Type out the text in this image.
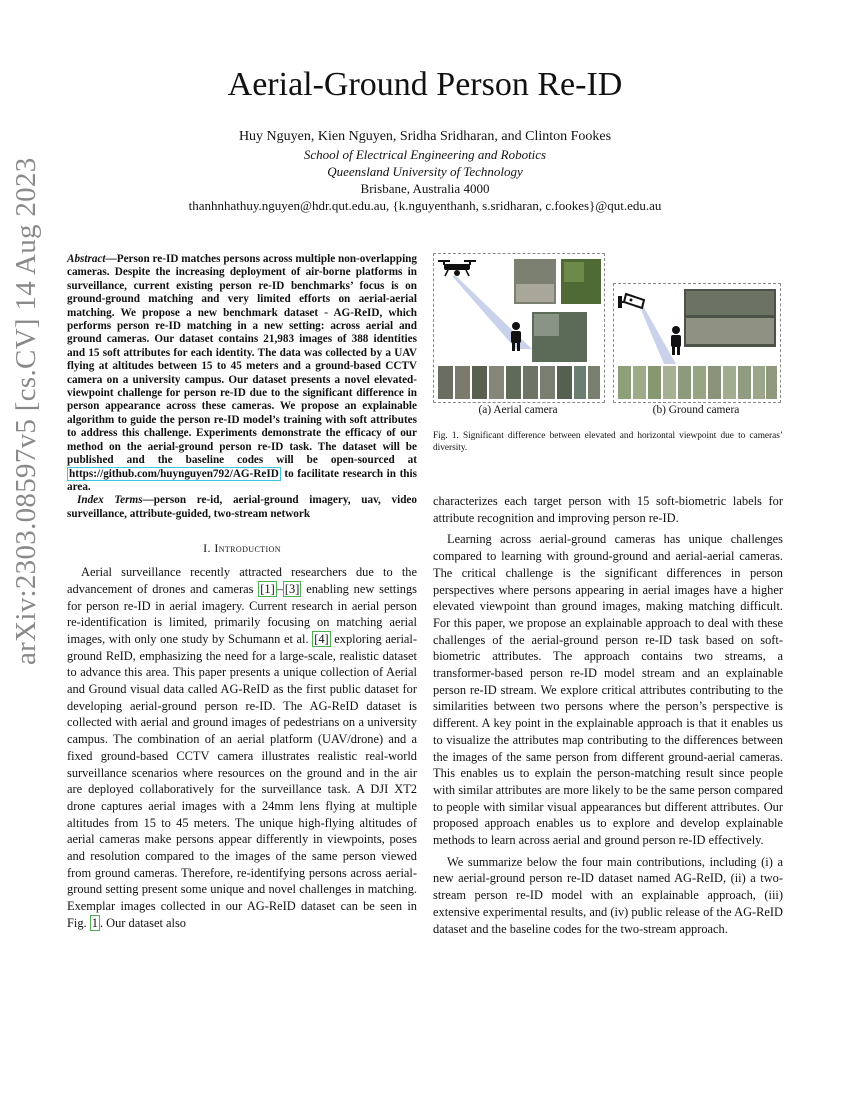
arXiv:2303.08597v5 [cs.CV] 14 Aug 2023
Aerial-Ground Person Re-ID
Huy Nguyen, Kien Nguyen, Sridha Sridharan, and Clinton Fookes
School of Electrical Engineering and Robotics
Queensland University of Technology
Brisbane, Australia 4000
thanhnhathuy.nguyen@hdr.qut.edu.au, {k.nguyenthanh, s.sridharan, c.fookes}@qut.edu.au

Abstract—Person re-ID matches persons across multiple non-overlapping cameras. Despite the increasing deployment of air-borne platforms in surveillance, current existing person re-ID benchmarks’ focus is on ground-ground matching and very limited efforts on aerial-aerial matching. We propose a new benchmark dataset - AG-ReID, which performs person re-ID matching in a new setting: across aerial and ground cameras. Our dataset contains 21,983 images of 388 identities and 15 soft attributes for each identity. The data was collected by a UAV flying at altitudes between 15 to 45 meters and a ground-based CCTV camera on a university campus. Our dataset presents a novel elevated-viewpoint challenge for person re-ID due to the significant difference in person appearance across these cameras. We propose an explainable algorithm to guide the person re-ID model’s training with soft attributes to address this challenge. Experiments demonstrate the efficacy of our method on the aerial-ground person re-ID task. The dataset will be published and the baseline codes will be open-sourced at https://github.com/huynguyen792/AG-ReID to facilitate research in this area.

Index Terms—person re-id, aerial-ground imagery, uav, video surveillance, attribute-guided, two-stream network

I. Introduction

Aerial surveillance recently attracted researchers due to the advancement of drones and cameras [1] – [3] enabling new settings for person re-ID in aerial imagery. Current research in aerial person re-identification is limited, primarily focusing on matching aerial images, with only one study by Schumann et al. [4] exploring aerial-ground ReID, emphasizing the need for a large-scale, realistic dataset to advance this area. This paper presents a unique collection of Aerial and Ground visual data called AG-ReID as the first public dataset for developing aerial-ground person re-ID. The AG-ReID dataset is collected with aerial and ground images of pedestrians on a university campus. The combination of an aerial platform (UAV/drone) and a fixed ground-based CCTV camera illustrates realistic real-world surveillance scenarios where resources on the ground and in the air are deployed collaboratively for the surveillance task. A DJI XT2 drone captures aerial images with a 24mm lens flying at multiple altitudes from 15 to 45 meters. The unique high-flying altitudes of aerial cameras make persons appear differently in viewpoints, poses and resolution compared to the images of the same person viewed from ground cameras. Therefore, re-identifying persons across aerial-ground setting present some unique and novel challenges in matching. Exemplar images collected in our AG-ReID dataset can be seen in Fig. 1 . Our dataset also

(a) Aerial camera	(b) Ground camera
Fig. 1. Significant difference between elevated and horizontal viewpoint due to cameras’ diversity.

characterizes each target person with 15 soft-biometric labels for attribute recognition and improving person re-ID.

Learning across aerial-ground cameras has unique challenges compared to learning with ground-ground and aerial-aerial cameras. The critical challenge is the significant differences in person perspectives where persons appearing in aerial images have a higher elevated viewpoint than ground images, making matching difficult. For this paper, we propose an explainable approach to deal with these challenges of the aerial-ground person re-ID task based on soft-biometric attributes. The approach contains two streams, a transformer-based person re-ID model stream and an explainable person re-ID stream. We explore critical attributes contributing to the similarities between two persons where the person’s perspective is different. A key point in the explainable approach is that it enables us to visualize the attributes map contributing to the differences between the images of the same person from different ground-aerial cameras. This enables us to explain the person-matching result since people with similar attributes are more likely to be the same person compared to people with similar visual appearances but different attributes. Our proposed approach enables us to explore and develop explainable methods to learn across aerial and ground person re-ID effectively.

We summarize below the four main contributions, including (i) a new aerial-ground person re-ID dataset named AG-ReID, (ii) a two-stream person re-ID model with an explainable approach, (iii) extensive experimental results, and (iv) public release of the AG-ReID dataset and the baseline codes for the two-stream approach.
